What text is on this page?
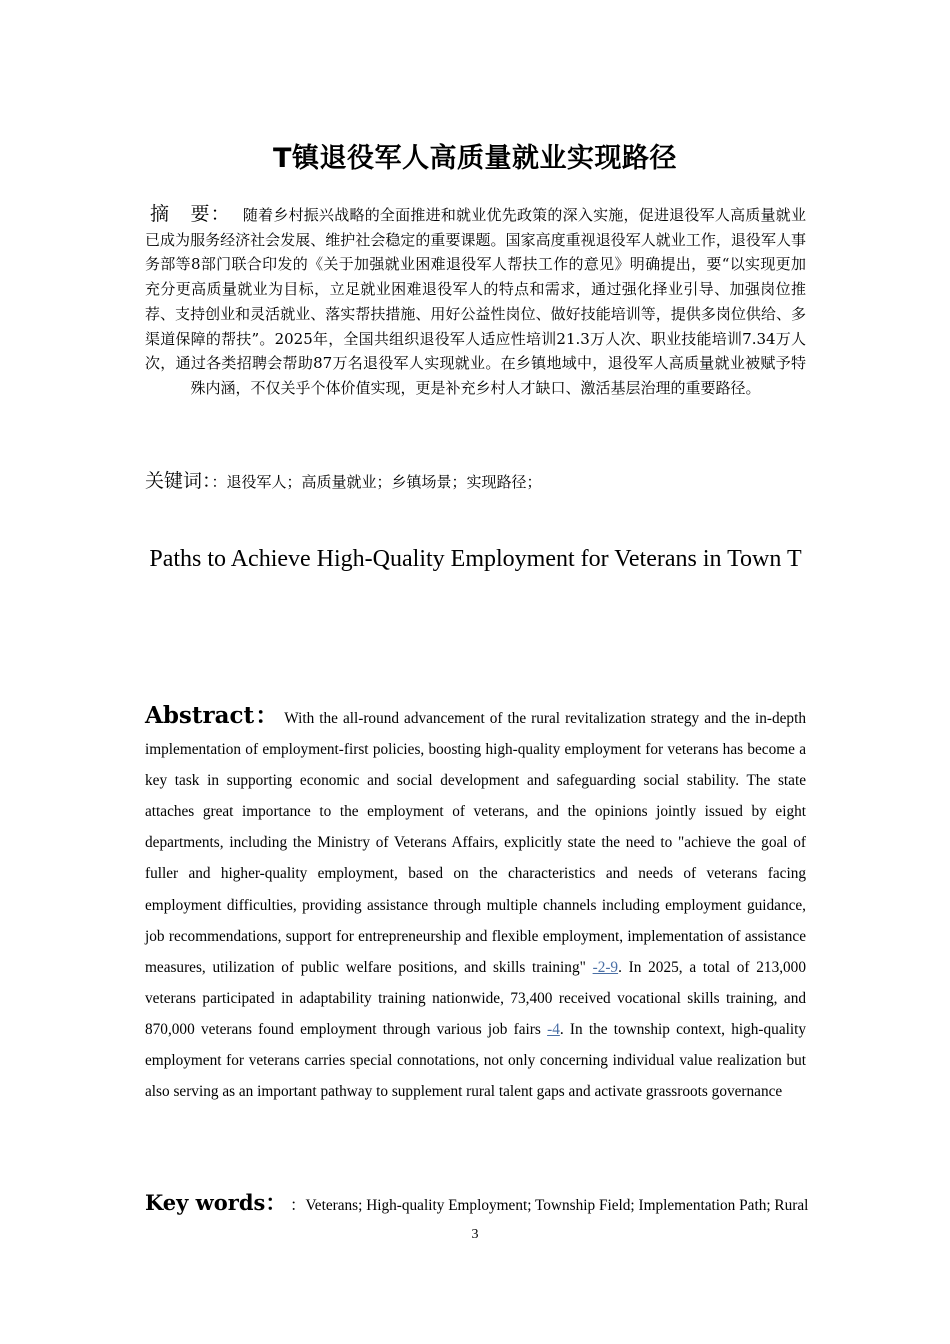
T镇退役军人高质量就业实现路径
摘　要： 随着乡村振兴战略的全面推进和就业优先政策的深入实施，促进退役军人高质量就业已成为服务经济社会发展、维护社会稳定的重要课题。国家高度重视退役军人就业工作，退役军人事务部等8部门联合印发的《关于加强就业困难退役军人帮扶工作的意见》明确提出，要“以实现更加充分更高质量就业为目标，立足就业困难退役军人的特点和需求，通过强化择业引导、加强岗位推荐、支持创业和灵活就业、落实帮扶措施、用好公益性岗位、做好技能培训等，提供多岗位供给、多渠道保障的帮扶”。2025年，全国共组织退役军人适应性培训21.3万人次、职业技能培训7.34万人次，通过各类招聘会帮助87万名退役军人实现就业。在乡镇地域中，退役军人高质量就业被赋予特殊内涵，不仅关乎个体价值实现，更是补充乡村人才缺口、激活基层治理的重要路径。
关键词：：退役军人；高质量就业；乡镇场景；实现路径；
Paths to Achieve High-Quality Employment for Veterans in Town T
Abstract： With the all-round advancement of the rural revitalization strategy and the in-depth implementation of employment-first policies, boosting high-quality employment for veterans has become a key task in supporting economic and social development and safeguarding social stability. The state attaches great importance to the employment of veterans, and the opinions jointly issued by eight departments, including the Ministry of Veterans Affairs, explicitly state the need to "achieve the goal of fuller and higher-quality employment, based on the characteristics and needs of veterans facing employment difficulties, providing assistance through multiple channels including employment guidance, job recommendations, support for entrepreneurship and flexible employment, implementation of assistance measures, utilization of public welfare positions, and skills training" -2-9. In 2025, a total of 213,000 veterans participated in adaptability training nationwide, 73,400 received vocational skills training, and 870,000 veterans found employment through various job fairs -4. In the township context, high-quality employment for veterans carries special connotations, not only concerning individual value realization but also serving as an important pathway to supplement rural talent gaps and activate grassroots governance
Key words： ：Veterans; High-quality Employment; Township Field; Implementation Path; Rural
3
